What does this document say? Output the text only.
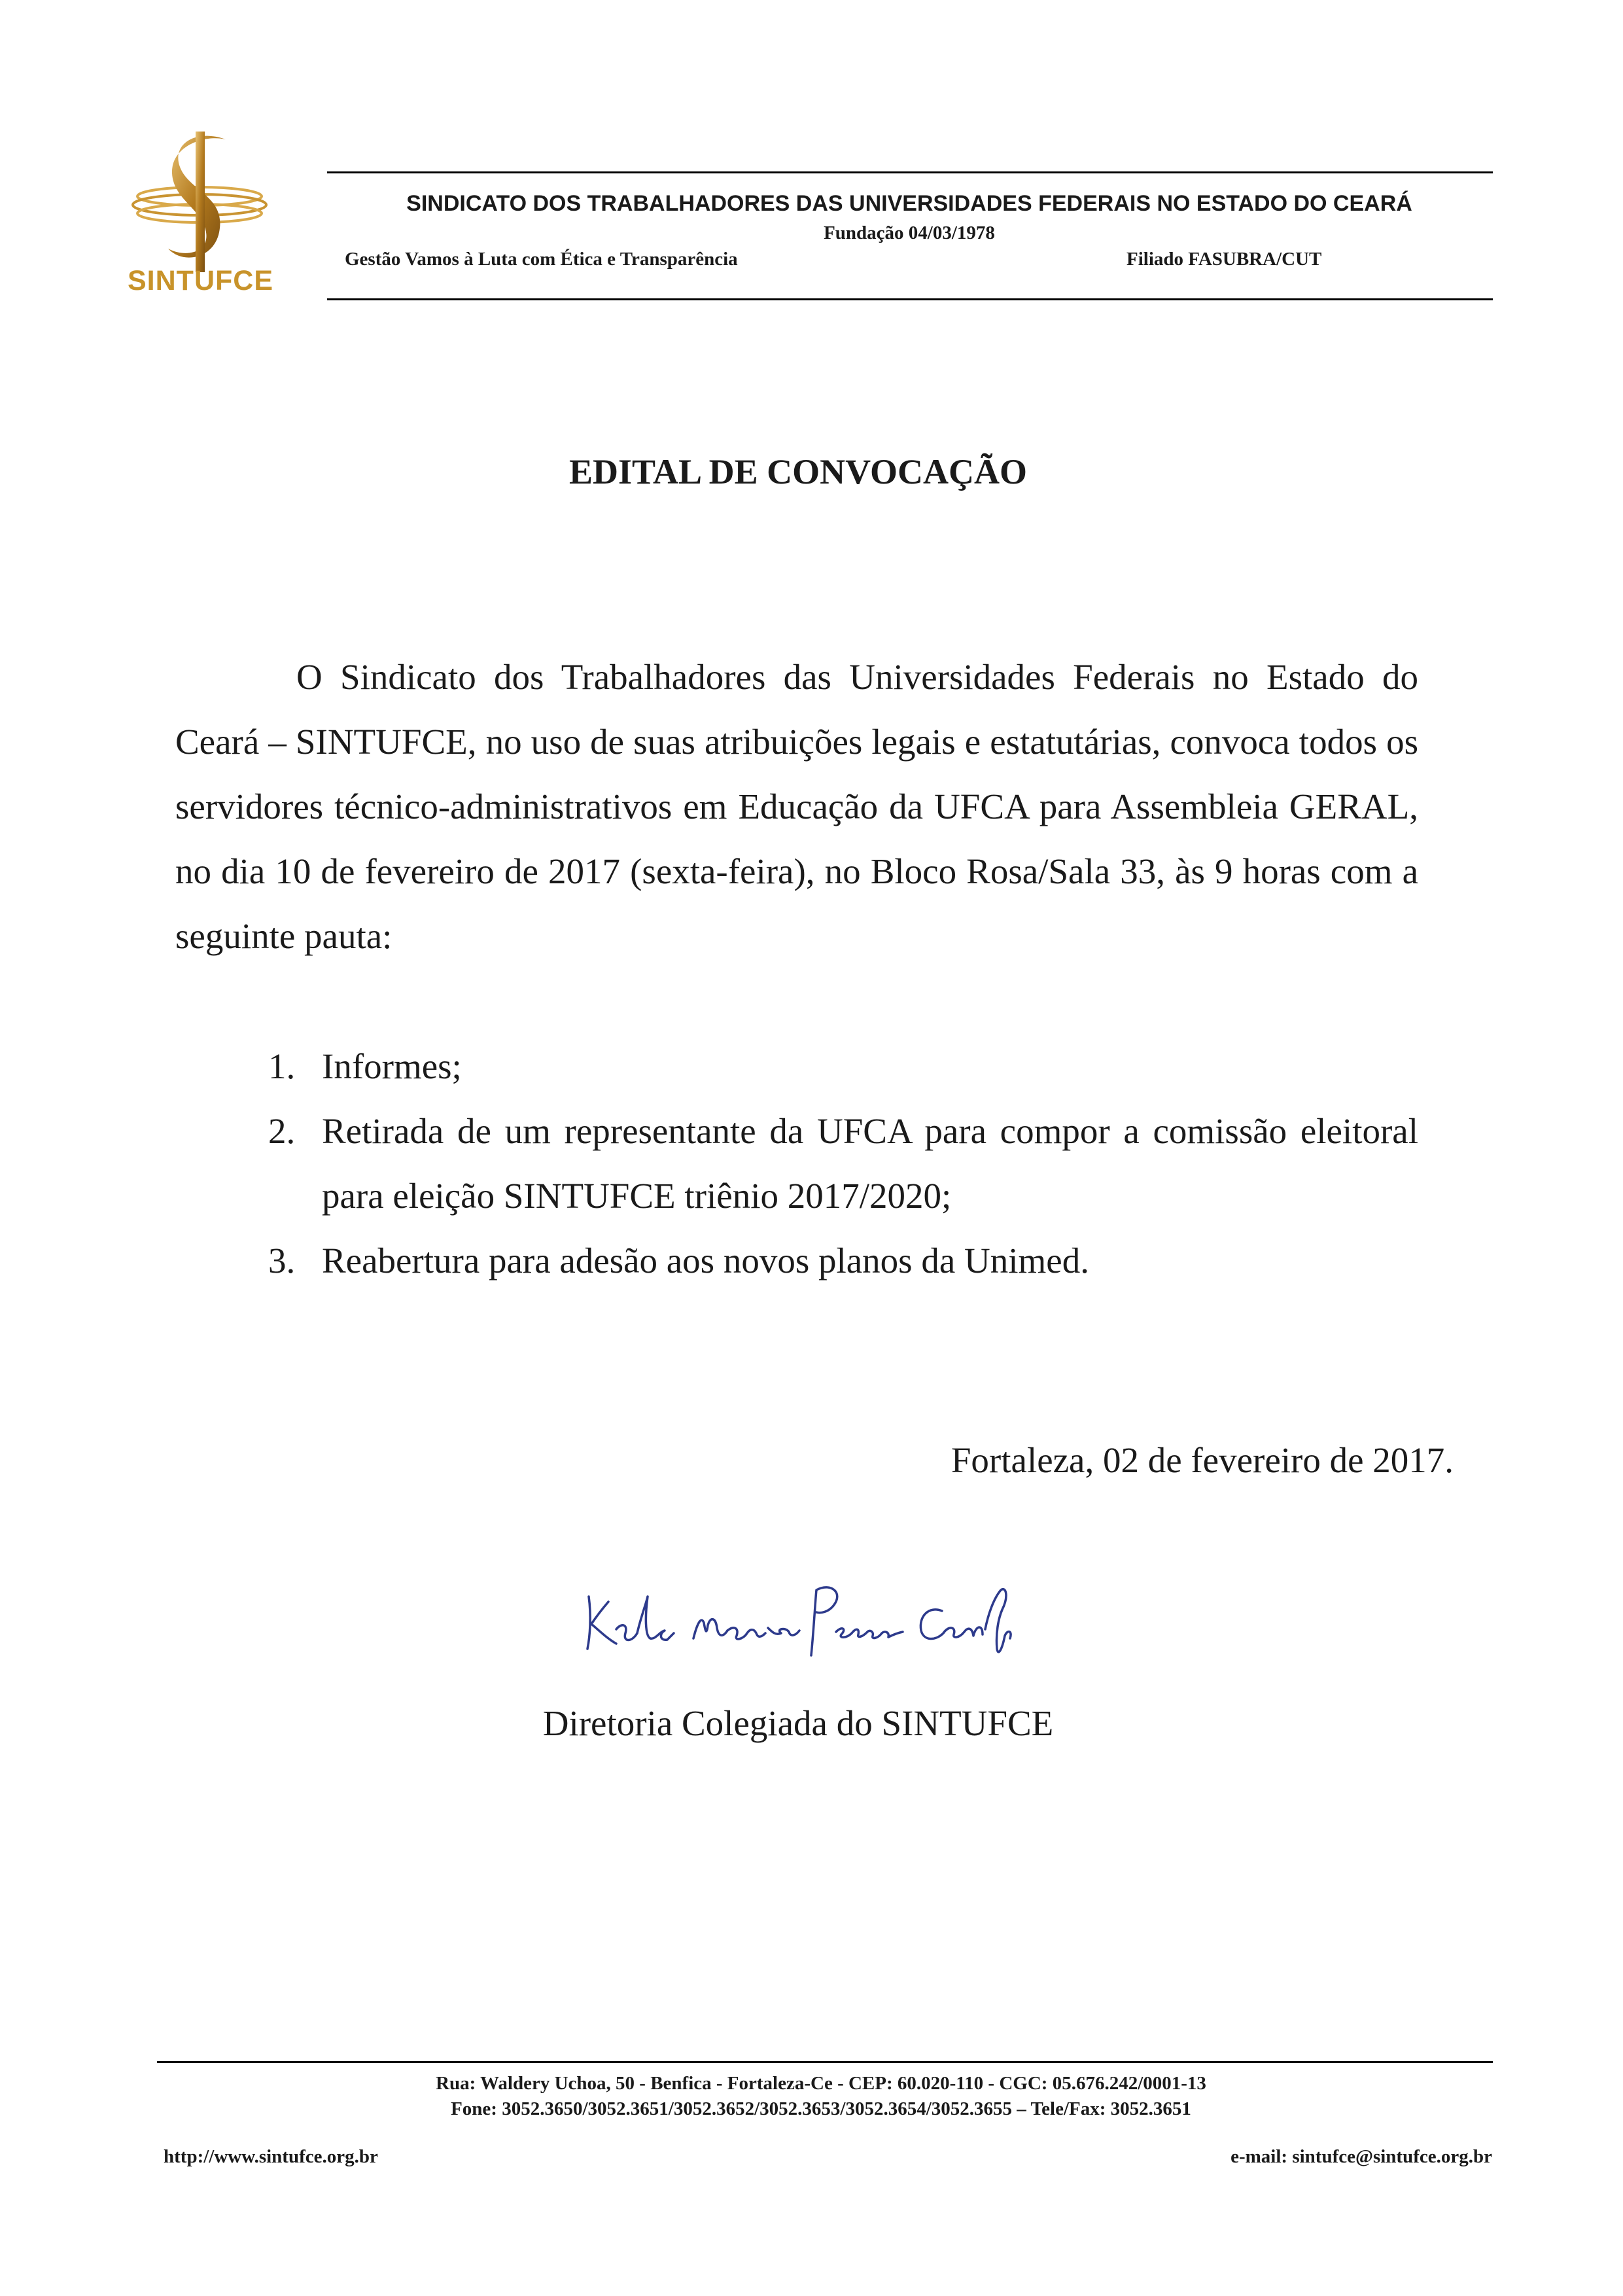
SINTUFCE
SINDICATO DOS TRABALHADORES DAS UNIVERSIDADES FEDERAIS NO ESTADO DO CEARÁ
Fundação 04/03/1978
Gestão Vamos à Luta com Ética e Transparência	Filiado FASUBRA/CUT
EDITAL DE CONVOCAÇÃO

O Sindicato dos Trabalhadores das Universidades Federais no Estado do Ceará – SINTUFCE, no uso de suas atribuições legais e estatutárias, convoca todos os servidores técnico-administrativos em Educação da UFCA para Assembleia GERAL, no dia 10 de fevereiro de 2017 (sexta-feira), no Bloco Rosa/Sala 33, às 9 horas com a seguinte pauta:

1. Informes;
2. Retirada de um representante da UFCA para compor a comissão eleitoral para eleição SINTUFCE triênio 2017/2020;
3. Reabertura para adesão aos novos planos da Unimed.
Fortaleza, 02 de fevereiro de 2017.
Diretoria Colegiada do SINTUFCE
Rua: Waldery Uchoa, 50 - Benfica - Fortaleza-Ce - CEP: 60.020-110 - CGC: 05.676.242/0001-13
Fone: 3052.3650/3052.3651/3052.3652/3052.3653/3052.3654/3052.3655 – Tele/Fax: 3052.3651
http://www.sintufce.org.br	e-mail: sintufce@sintufce.org.br
